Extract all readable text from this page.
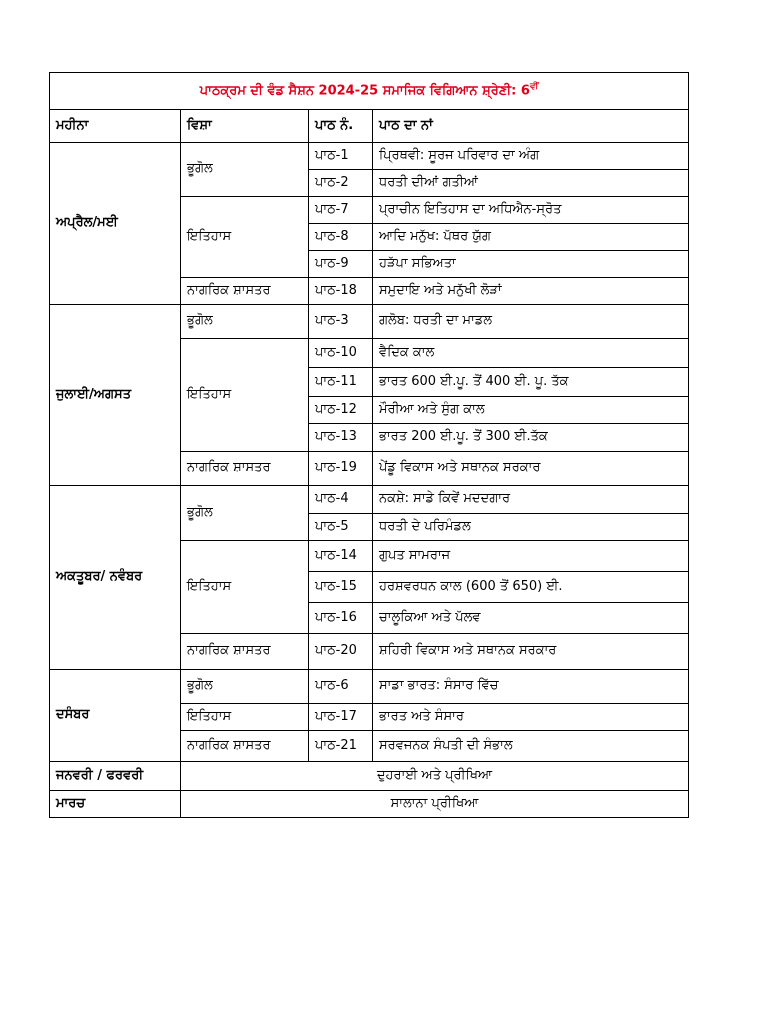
ਪਾਠਕ੍ਰਮ ਦੀ ਵੰਡ ਸੈਸ਼ਨ 2024-25 ਸਮਾਜਿਕ ਵਿਗਿਆਨ ਸ਼੍ਰੇਣੀ: $6^{ਵੀਂ}$
ਮਹੀਨਾ	ਵਿਸ਼ਾ	ਪਾਠ ਨੰ.	ਪਾਠ ਦਾ ਨਾਂ
ਅਪ੍ਰੈਲ/ਮਈ	ਭੂਗੋਲ	ਪਾਠ-1	ਪ੍ਰਿਥਵੀ: ਸੂਰਜ ਪਰਿਵਾਰ ਦਾ ਅੰਗ
		ਪਾਠ-2	ਧਰਤੀ ਦੀਆਂ ਗਤੀਆਂ
	ਇਤਿਹਾਸ	ਪਾਠ-7	ਪ੍ਰਾਚੀਨ ਇਤਿਹਾਸ ਦਾ ਅਧਿਐਨ-ਸ੍ਰੋਤ
		ਪਾਠ-8	ਆਦਿ ਮਨੁੱਖ: ਪੱਥਰ ਯੁੱਗ
		ਪਾਠ-9	ਹੜੱਪਾ ਸਭਿਅਤਾ
	ਨਾਗਰਿਕ ਸ਼ਾਸਤਰ	ਪਾਠ-18	ਸਮੁਦਾਇ ਅਤੇ ਮਨੁੱਖੀ ਲੋੜਾਂ
ਜੁਲਾਈ/ਅਗਸਤ	ਭੂਗੋਲ	ਪਾਠ-3	ਗਲੋਬ: ਧਰਤੀ ਦਾ ਮਾਡਲ
	ਇਤਿਹਾਸ	ਪਾਠ-10	ਵੈਦਿਕ ਕਾਲ
		ਪਾਠ-11	ਭਾਰਤ 600 ਈ.ਪੂ. ਤੋਂ 400 ਈ. ਪੂ. ਤੱਕ
		ਪਾਠ-12	ਮੌਰੀਆ ਅਤੇ ਸੁੰਗ ਕਾਲ
		ਪਾਠ-13	ਭਾਰਤ 200 ਈ.ਪੂ. ਤੋਂ 300 ਈ.ਤੱਕ
	ਨਾਗਰਿਕ ਸ਼ਾਸਤਰ	ਪਾਠ-19	ਪੇਂਡੂ ਵਿਕਾਸ ਅਤੇ ਸਥਾਨਕ ਸਰਕਾਰ
ਅਕਤੂਬਰ/ ਨਵੰਬਰ	ਭੂਗੋਲ	ਪਾਠ-4	ਨਕਸ਼ੇ: ਸਾਡੇ ਕਿਵੇਂ ਮਦਦਗਾਰ
		ਪਾਠ-5	ਧਰਤੀ ਦੇ ਪਰਿਮੰਡਲ
	ਇਤਿਹਾਸ	ਪਾਠ-14	ਗੁਪਤ ਸਾਮਰਾਜ
		ਪਾਠ-15	ਹਰਸ਼ਵਰਧਨ ਕਾਲ (600 ਤੋਂ 650) ਈ.
		ਪਾਠ-16	ਚਾਲੂਕਿਆ ਅਤੇ ਪੱਲਵ
	ਨਾਗਰਿਕ ਸ਼ਾਸਤਰ	ਪਾਠ-20	ਸ਼ਹਿਰੀ ਵਿਕਾਸ ਅਤੇ ਸਥਾਨਕ ਸਰਕਾਰ
ਦਸੰਬਰ	ਭੂਗੋਲ	ਪਾਠ-6	ਸਾਡਾ ਭਾਰਤ: ਸੰਸਾਰ ਵਿੱਚ
	ਇਤਿਹਾਸ	ਪਾਠ-17	ਭਾਰਤ ਅਤੇ ਸੰਸਾਰ
	ਨਾਗਰਿਕ ਸ਼ਾਸਤਰ	ਪਾਠ-21	ਸਰਵਜਨਕ ਸੰਪਤੀ ਦੀ ਸੰਭਾਲ
ਜਨਵਰੀ / ਫਰਵਰੀ	ਦੁਹਰਾਈ ਅਤੇ ਪ੍ਰੀਖਿਆ		
ਮਾਰਚ	ਸਾਲਾਨਾ ਪ੍ਰੀਖਿਆ		
